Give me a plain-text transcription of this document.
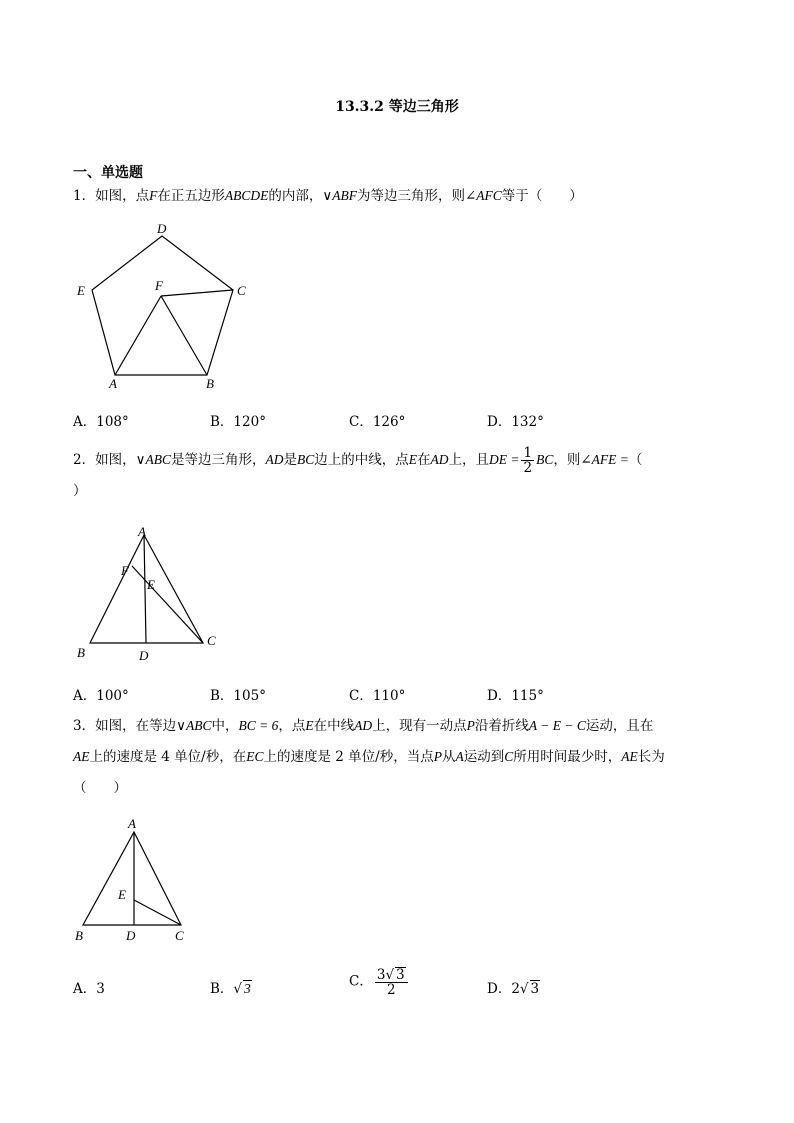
13.3.2 等边三角形
一、单选题
1．如图，点F在正五边形ABCDE的内部，∨ABF为等边三角形，则∠AFC等于（　　）
A	B
C
D
E	F
A．108°	B．120°	C．126°	D．132°
2．如图，∨ABC是等边三角形，AD是BC边上的中线，点E在AD上，且DE = $\frac{1}{2}$ BC，则∠AFE =（
）
A
B
C
D
E
F
A．100°	B．105°	C．110°	D．115°
3．如图，在等边∨ABC中，BC = 6，点E在中线AD上，现有一动点P沿着折线A − E − C运动，且在
AE上的速度是 4 单位/秒，在EC上的速度是 2 单位/秒，当点P从A运动到C所用时间最少时，AE长为
（　　）
A
B	C
D
E
A．3	B．√ 3	C． $\frac{3√ 3}{2}$	D．2√ 3
